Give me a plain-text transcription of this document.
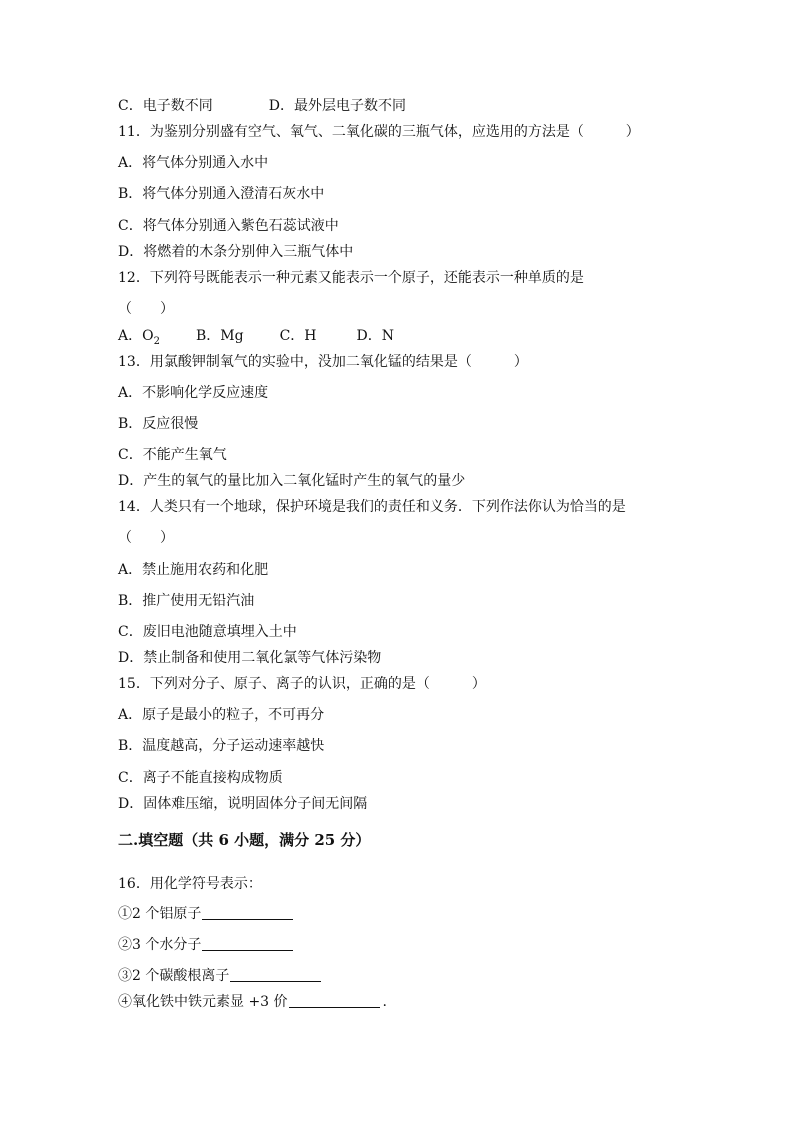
C．电子数不同	D．最外层电子数不同
11．为鉴别分别盛有空气、氧气、二氧化碳的三瓶气体，应选用的方法是（　　　）
A．将气体分别通入水中
B．将气体分别通入澄清石灰水中
C．将气体分别通入紫色石蕊试液中
D．将燃着的木条分别伸入三瓶气体中
12．下列符号既能表示一种元素又能表示一个原子，还能表示一种单质的是
（　　）
A．$O_2$	B．Mg	C．H	D．N
13．用氯酸钾制氧气的实验中，没加二氧化锰的结果是（　　　）
A．不影响化学反应速度
B．反应很慢
C．不能产生氧气
D．产生的氧气的量比加入二氧化锰时产生的氧气的量少
14．人类只有一个地球，保护环境是我们的责任和义务．下列作法你认为恰当的是
（　　）
A．禁止施用农药和化肥
B．推广使用无铅汽油
C．废旧电池随意填埋入土中
D．禁止制备和使用二氧化氯等气体污染物
15．下列对分子、原子、离子的认识，正确的是（　　　）
A．原子是最小的粒子，不可再分
B．温度越高，分子运动速率越快
C．离子不能直接构成物质
D．固体难压缩，说明固体分子间无间隔
二.填空题（共 6 小题，满分 25 分）
16．用化学符号表示：
①2 个铝原子
②3 个水分子
③2 个碳酸根离子
④氧化铁中铁元素显 +3 价	.
